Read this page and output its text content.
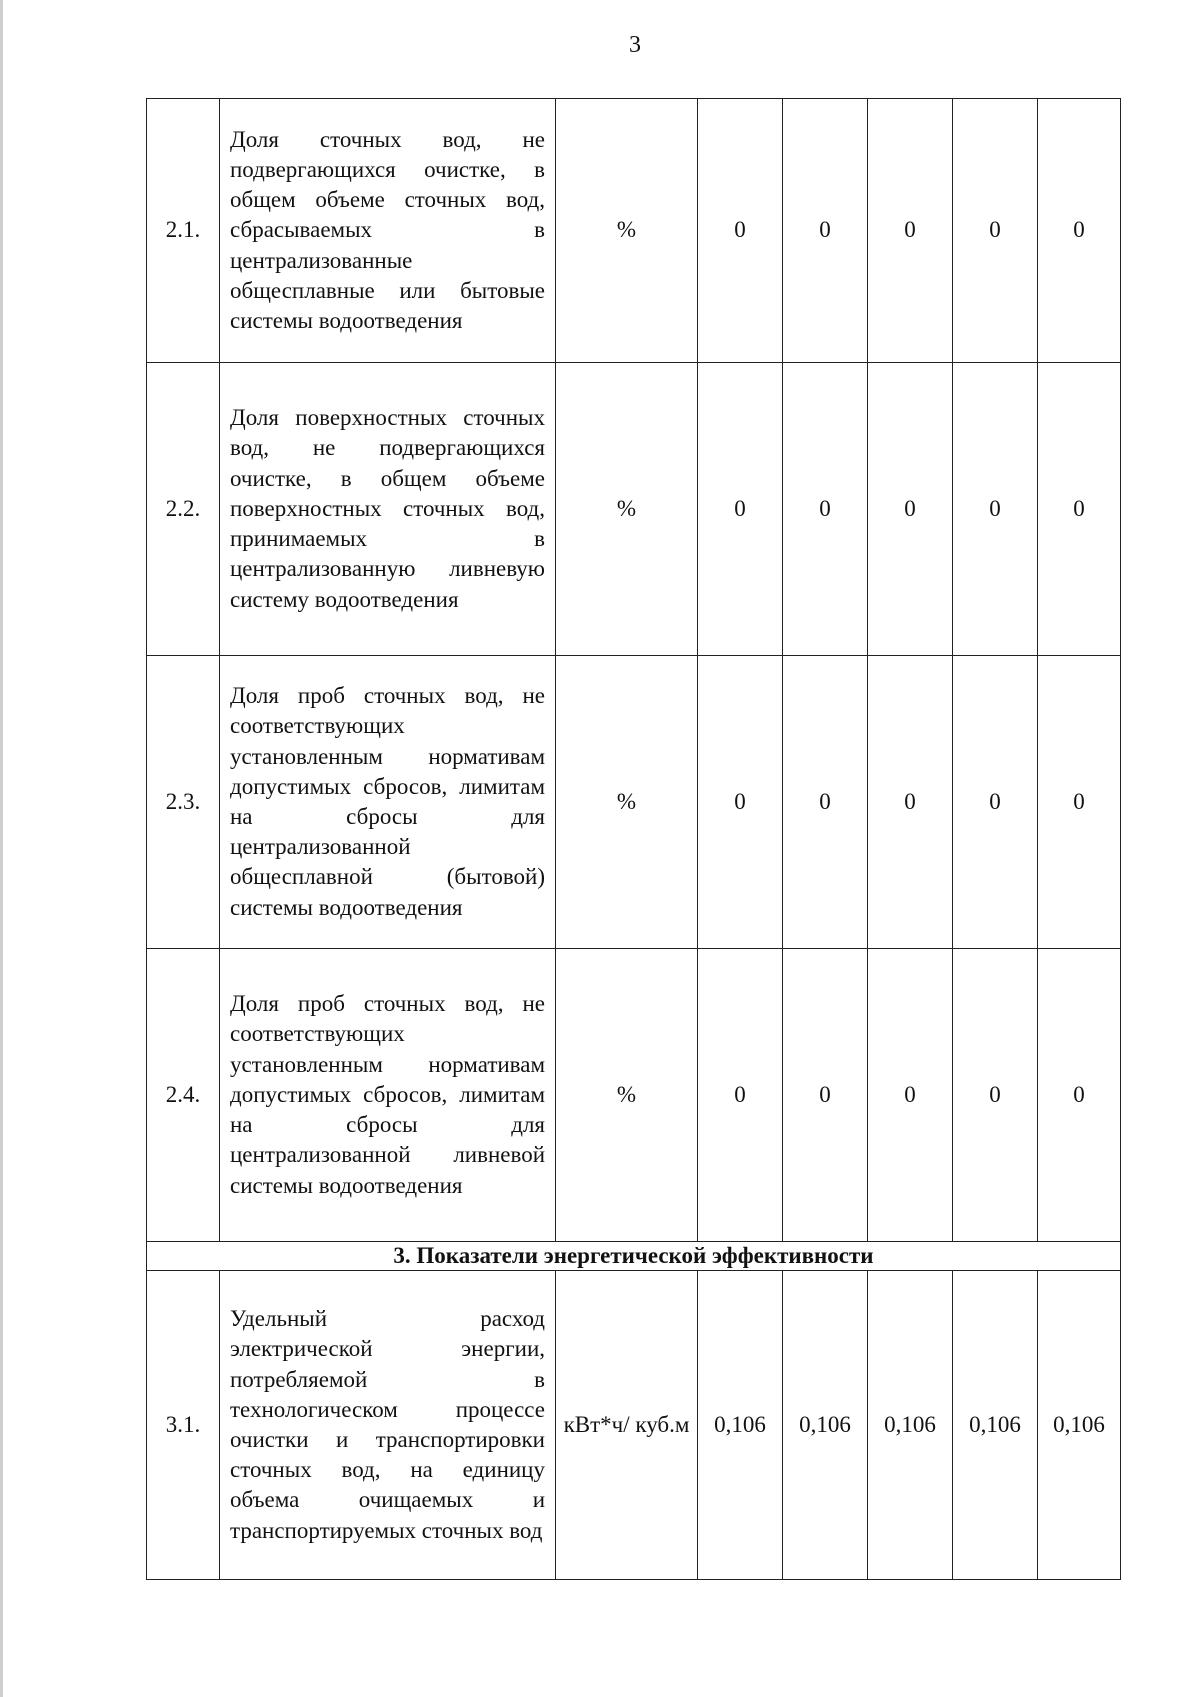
3
2.1.	Доля сточных вод, не подвергающихся очистке, в общем объеме сточных вод, сбрасываемых в централизованные общесплавные или бытовые системы водоотведения	%	0	0	0	0	0
2.2.	Доля поверхностных сточных вод, не подвергающихся очистке, в общем объеме поверхностных сточных вод, принимаемых в централизованную ливневую систему водоотведения	%	0	0	0	0	0
2.3.	Доля проб сточных вод, не соответствующих установленным нормативам допустимых сбросов, лимитам на сбросы для централизованной общесплавной (бытовой) системы водоотведения	%	0	0	0	0	0
2.4.	Доля проб сточных вод, не соответствующих установленным нормативам допустимых сбросов, лимитам на сбросы для централизованной ливневой системы водоотведения	%	0	0	0	0	0
3. Показатели энергетической эффективности							
3.1.	Удельный расход электрической энергии, потребляемой в технологическом процессе очистки и транспортировки сточных вод, на единицу объема очищаемых и транспортируемых сточных вод	кВт*ч/ куб.м	0,106	0,106	0,106	0,106	0,106
